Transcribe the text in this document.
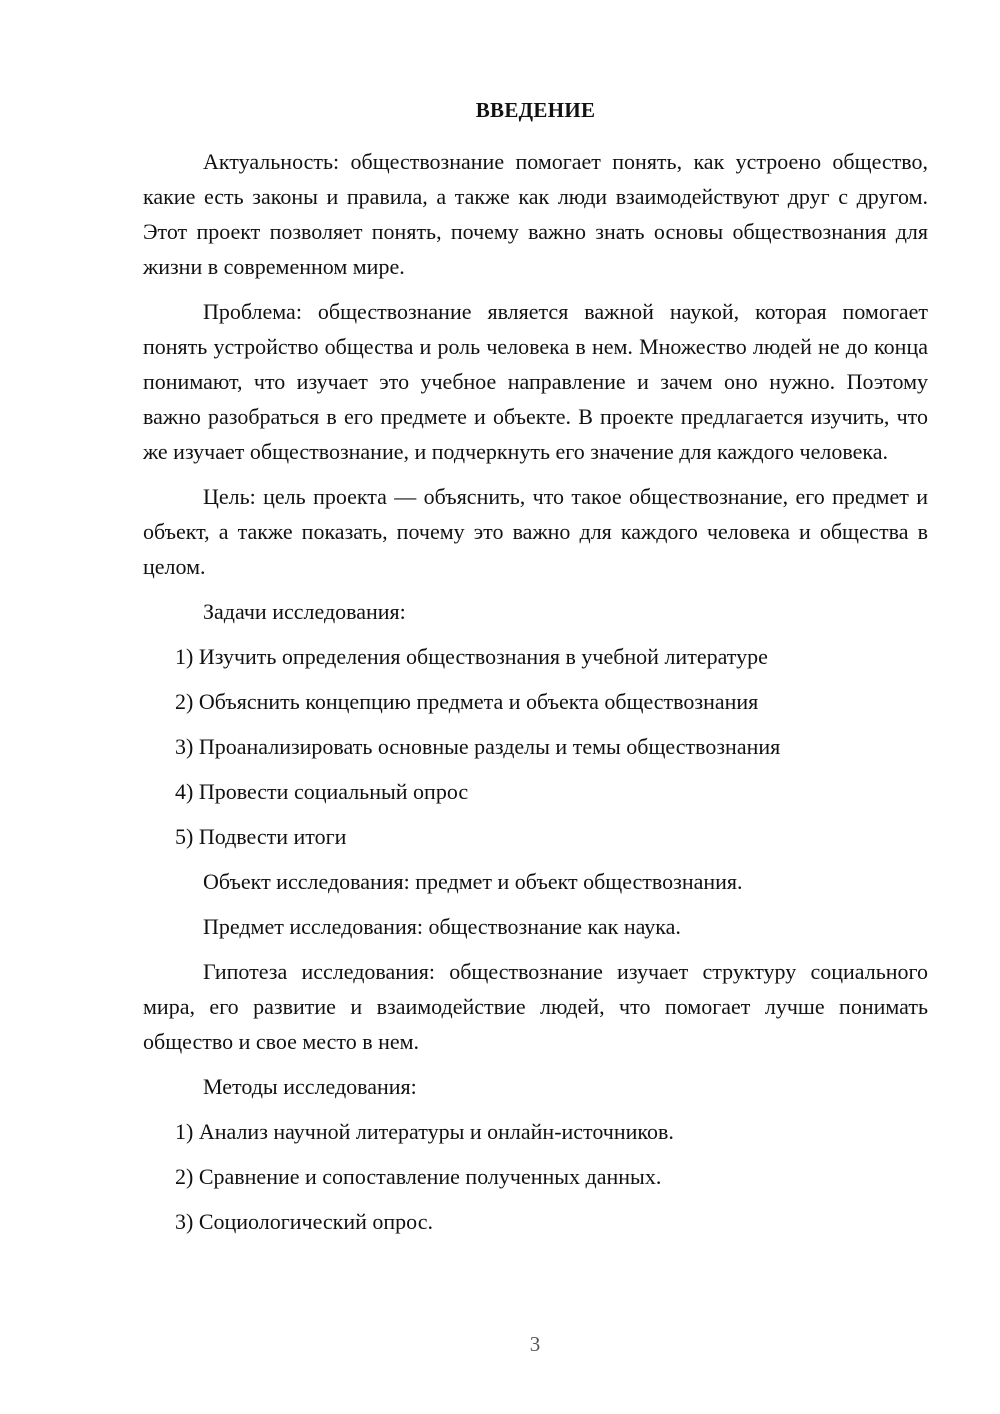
ВВЕДЕНИЕ

Актуальность: обществознание помогает понять, как устроено общество, какие есть законы и правила, а также как люди взаимодействуют друг с другом. Этот проект позволяет понять, почему важно знать основы обществознания для жизни в современном мире.

Проблема: обществознание является важной наукой, которая помогает понять устройство общества и роль человека в нем. Множество людей не до конца понимают, что изучает это учебное направление и зачем оно нужно. Поэтому важно разобраться в его предмете и объекте. В проекте предлагается изучить, что же изучает обществознание, и подчеркнуть его значение для каждого человека.

Цель: цель проекта — объяснить, что такое обществознание, его предмет и объект, а также показать, почему это важно для каждого человека и общества в целом.

Задачи исследования:

1) Изучить определения обществознания в учебной литературе

2) Объяснить концепцию предмета и объекта обществознания

3) Проанализировать основные разделы и темы обществознания

4) Провести социальный опрос

5) Подвести итоги

Объект исследования: предмет и объект обществознания.

Предмет исследования: обществознание как наука.

Гипотеза исследования: обществознание изучает структуру социального мира, его развитие и взаимодействие людей, что помогает лучше понимать общество и свое место в нем.

Методы исследования:

1) Анализ научной литературы и онлайн-источников.

2) Сравнение и сопоставление полученных данных.

3) Социологический опрос.

3
